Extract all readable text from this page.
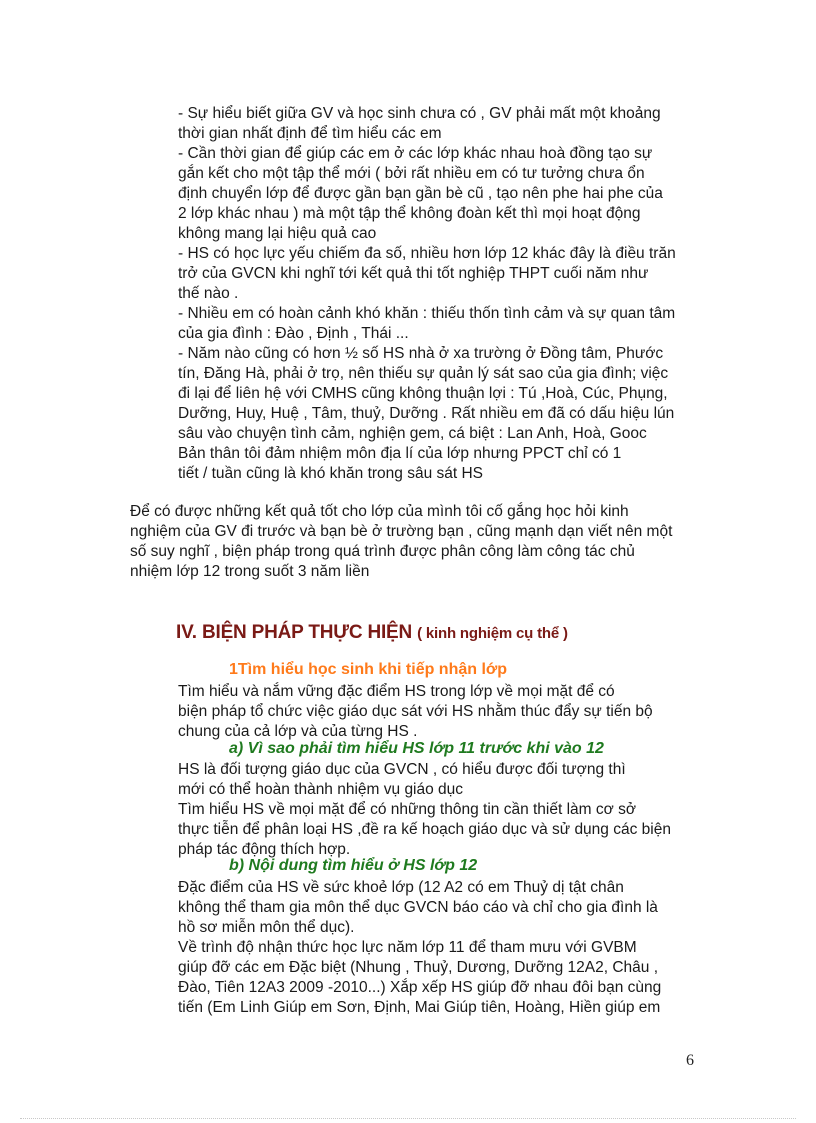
- Sự hiểu biết giữa GV và học sinh chưa có , GV phải mất một khoảng
thời gian nhất định để tìm hiểu các em
- Cần thời gian để giúp các em ở các lớp khác nhau hoà đồng tạo sự
gắn kết cho một tập thể mới ( bởi rất nhiều em có tư tưởng chưa ổn
định chuyển lớp để được gần bạn gần bè cũ , tạo nên phe hai phe của
2 lớp khác nhau ) mà một tập thể không đoàn kết thì mọi hoạt động
không mang lại hiệu quả cao
- HS có học lực yếu chiếm đa số, nhiều hơn lớp 12 khác đây là điều trăn
trở của GVCN khi nghĩ tới kết quả thi tốt nghiệp THPT cuối năm như
thế nào .
- Nhiều em có hoàn cảnh khó khăn : thiếu thốn tình cảm và sự quan tâm
của gia đình : Đào , Định , Thái ...
- Năm nào cũng có hơn ½ số HS nhà ở xa trường ở Đồng tâm, Phước
tín, Đăng Hà, phải ở trọ, nên thiếu sự quản lý sát sao của gia đình; việc
đi lại để liên hệ với CMHS cũng không thuận lợi : Tú ,Hoà, Cúc, Phụng,
Dưỡng, Huy, Huệ , Tâm, thuỷ, Dưỡng . Rất nhiều em đã có dấu hiệu lún
sâu vào chuyện tình cảm, nghiện gem, cá biệt : Lan Anh, Hoà, Gooc
Bản thân tôi đảm nhiệm môn địa lí của lớp nhưng PPCT chỉ có 1
tiết / tuần cũng là khó khăn trong sâu sát HS
Để có được những kết quả tốt cho lớp của mình tôi cố gắng học hỏi kinh
nghiệm của GV đi trước và bạn bè ở trường bạn , cũng mạnh dạn viết nên một
số suy nghĩ , biện pháp trong quá trình được phân công làm công tác chủ
nhiệm lớp 12 trong suốt 3 năm liền
IV. BIỆN PHÁP THỰC HIỆN ( kinh nghiệm cụ thể )
1Tìm hiểu học sinh khi tiếp nhận lớp
Tìm hiểu và nắm vững đặc điểm HS trong lớp về mọi mặt để có
biện pháp tổ chức việc giáo dục sát với HS nhằm thúc đẩy sự tiến bộ
chung của cả lớp và của từng HS .
a) Vì sao phải tìm hiểu HS lớp 11 trước khi vào 12
HS là đối tượng giáo dục của GVCN , có hiểu được đối tượng thì
mới có thể hoàn thành nhiệm vụ giáo dục
Tìm hiểu HS về mọi mặt để có những thông tin cần thiết làm cơ sở
thực tiễn để phân loại HS ,đề ra kế hoạch giáo dục và sử dụng các biện
pháp tác động thích hợp.
b) Nội dung tìm hiểu ở HS lớp 12
Đặc điểm của HS về sức khoẻ lớp (12 A2 có em Thuỷ dị tật chân
không thể tham gia môn thể dục GVCN báo cáo và chỉ cho gia đình là
hồ sơ miễn môn thể dục).
Về trình độ nhận thức học lực năm lớp 11 để tham mưu với GVBM
giúp đỡ các em Đặc biệt (Nhung , Thuỷ, Dương, Dưỡng 12A2, Châu ,
Đào, Tiên 12A3 2009 -2010...) Xắp xếp HS giúp đỡ nhau đôi bạn cùng
tiến (Em Linh Giúp em Sơn, Định, Mai Giúp tiên, Hoàng, Hiền giúp em
6
